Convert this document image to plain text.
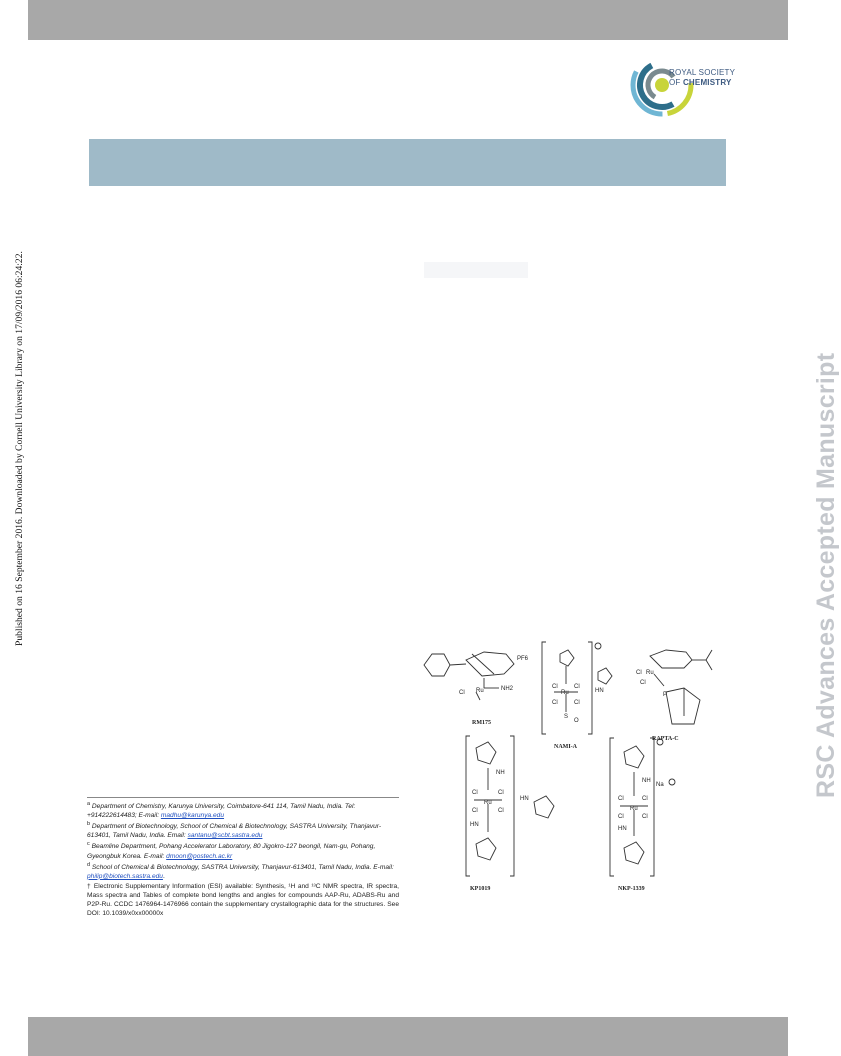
ROYAL SOCIETY
OF CHEMISTRY
Published on 16 September 2016. Downloaded by Cornell University Library on 17/09/2016 06:24:22.	RSC Advances Accepted Manuscript

$^a$ Department of Chemistry, Karunya University, Coimbatore-641 114, Tamil Nadu, India. Tel: +914222614483; E-mail: madhu@karunya.edu

$^b$ Department of Biotechnology, School of Chemical & Biotechnology, SASTRA University, Thanjavur- 613401, Tamil Nadu, India. Email: santanu@scbt.sastra.edu

$^c$ Beamline Department, Pohang Accelerator Laboratory, 80 Jigokro-127 beongil, Nam-gu, Pohang, Gyeongbuk Korea. E-mail: dmoon@postech.ac.kr

$^d$ School of Chemical & Biotechnology, SASTRA University, Thanjavur-613401, Tamil Nadu, India. E-mail: philip@biotech.sastra.edu.

† Electronic Supplementary Information (ESI) available: Synthesis, ¹H and ¹³C NMR spectra, IR spectra, Mass spectra and Tables of complete bond lengths and angles for compounds AAP-Ru, ADABS-Ru and P2P-Ru. CCDC 1476964-1476966 contain the supplementary crystallographic data for the structures. See DOI: 10.1039/x0xx00000x

Ru
Cl
NH2
PF6
RM175
Ru
Cl	Cl
Cl	Cl
S
O
HN
NAMI-A
Ru
Cl
Cl
P
RAPTA-C
Ru
NH
HN
Cl	Cl
Cl	Cl
HN
KP1019
Ru
NH
Na
HN
Cl	Cl
Cl	Cl
NKP-1339
